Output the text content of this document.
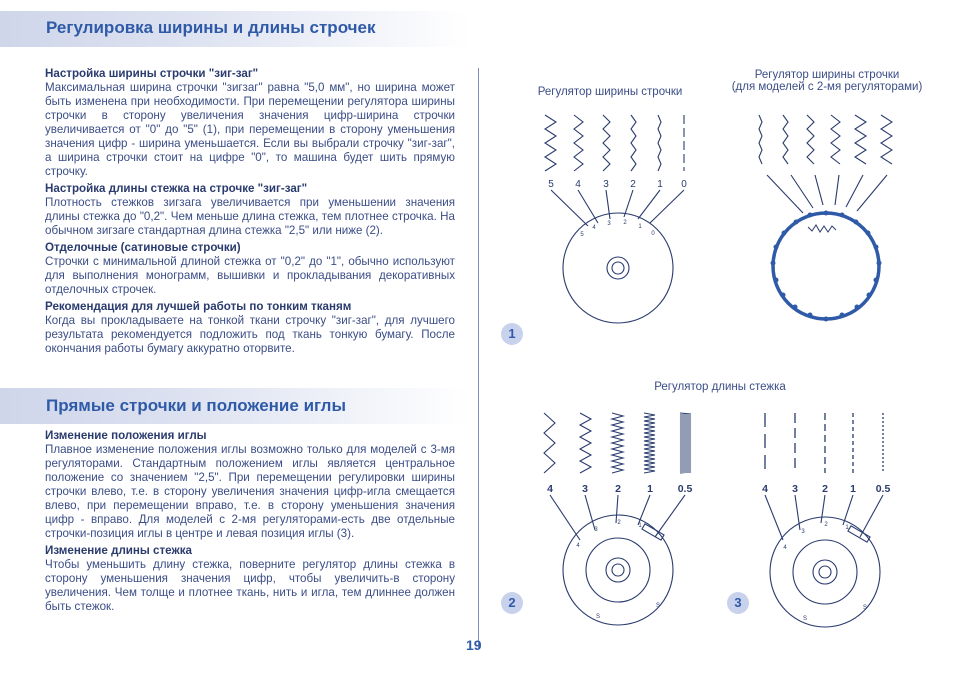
Регулировка ширины и длины строчек
Настройка ширины строчки "зиг-заг"

Максимальная ширина строчки "зигзаг" равна "5,0 мм", но ширина может быть изменена при необходимости. При перемещении регулятора ширины строчки в сторону увеличения значения цифр-ширина строчки увеличивается от "0" до "5" (1), при перемещении в сторону уменьшения значения цифр - ширина уменьшается. Если вы выбрали строчку "зиг-заг", а ширина строчки стоит на цифре "0", то машина будет шить прямую строчку.

Настройка длины стежка на строчке "зиг-заг"

Плотность стежков зигзага увеличивается при уменьшении значения длины стежка до "0,2". Чем меньше длина стежка, тем плотнее строчка. На обычном зигзаге стандартная длина стежка "2,5" или ниже (2).

Отделочные (сатиновые строчки)

Строчки с минимальной длиной стежка от "0,2" до "1", обычно используют для выполнения монограмм, вышивки и прокладывания декоративных отделочных строчек.

Рекомендация для лучшей работы по тонким тканям

Когда вы прокладываете на тонкой ткани строчку "зиг-заг", для лучшего результата рекомендуется подложить под ткань тонкую бумагу. После окончания работы бумагу аккуратно оторвите.

Прямые строчки и положение иглы
Изменение положения иглы

Плавное изменение положения иглы возможно только для моделей с 3-мя регуляторами. Стандартным положением иглы является центральное положение со значением "2,5". При перемещении регулировки ширины строчки влево, т.е. в сторону увеличения значения цифр-игла смещается влево, при перемещении вправо, т.е. в сторону уменьшения значения цифр - вправо. Для моделей с 2-мя регуляторами-есть две отдельные строчки-позиция иглы в центре и левая позиция иглы (3).

Изменение длины стежка

Чтобы уменьшить длину стежка, поверните регулятор длины стежка в сторону уменьшения значения цифр, чтобы увеличить-в сторону увеличения. Чем толще и плотнее ткань, нить и игла, тем длиннее должен быть стежок.

Регулятор ширины строчки
Регулятор ширины строчки
(для моделей с 2-мя регуляторами)
Регулятор длины стежка
5 4 3 2 1 0
5
4
3 2
1
0
1
4	3	2 1 0.5
4
3
2	1
S
S
4 3 2 1 0.5
4
3
2	1
S
S
2	3
19
